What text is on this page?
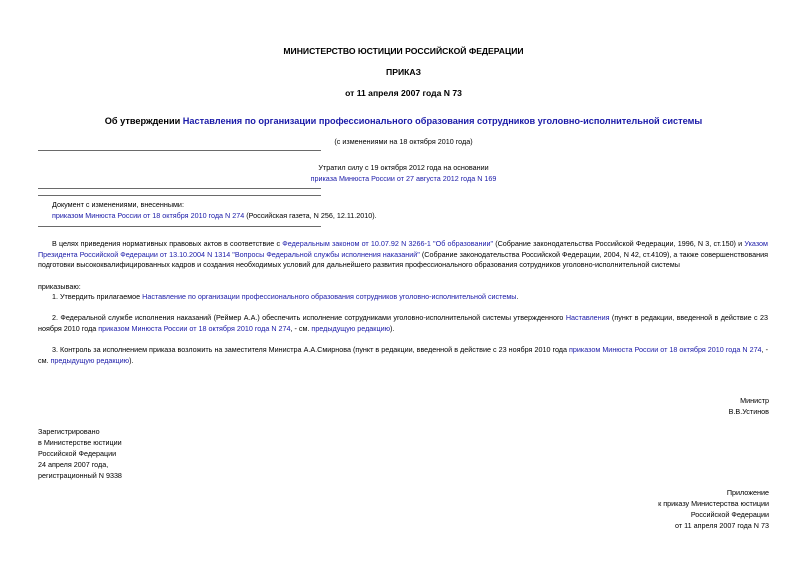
МИНИСТЕРСТВО ЮСТИЦИИ РОССИЙСКОЙ ФЕДЕРАЦИИ
ПРИКАЗ
от 11 апреля 2007 года N 73
Об утверждении Наставления по организации профессионального образования сотрудников уголовно-исполнительной системы
(с изменениями на 18 октября 2010 года)
Утратил силу с 19 октября 2012 года на основании
приказа Минюста России от 27 августа 2012 года N 169
Документ с изменениями, внесенными:
приказом Минюста России от 18 октября 2010 года N 274 (Российская газета, N 256, 12.11.2010).
В целях приведения нормативных правовых актов в соответствие с Федеральным законом от 10.07.92 N 3266-1 "Об образовании" (Собрание законодательства Российской Федерации, 1996, N 3, ст.150) и Указом Президента Российской Федерации от 13.10.2004 N 1314 "Вопросы Федеральной службы исполнения наказаний" (Собрание законодательства Российской Федерации, 2004, N 42, ст.4109), а также совершенствования подготовки высококвалифицированных кадров и создания необходимых условий для дальнейшего развития профессионального образования сотрудников уголовно-исполнительной системы
приказываю:
1. Утвердить прилагаемое Наставление по организации профессионального образования сотрудников уголовно-исполнительной системы.
2. Федеральной службе исполнения наказаний (Реймер А.А.) обеспечить исполнение сотрудниками уголовно-исполнительной системы утвержденного Наставления (пункт в редакции, введенной в действие с 23 ноября 2010 года приказом Минюста России от 18 октября 2010 года N 274, - см. предыдущую редакцию).
3. Контроль за исполнением приказа возложить на заместителя Министра А.А.Смирнова (пункт в редакции, введенной в действие с 23 ноября 2010 года приказом Минюста России от 18 октября 2010 года N 274, - см. предыдущую редакцию).
Министр
В.В.Устинов
Зарегистрировано
в Министерстве юстиции
Российской Федерации
24 апреля 2007 года,
регистрационный N 9338
Приложение
к приказу Министерства юстиции
Российской Федерации
от 11 апреля 2007 года N 73
